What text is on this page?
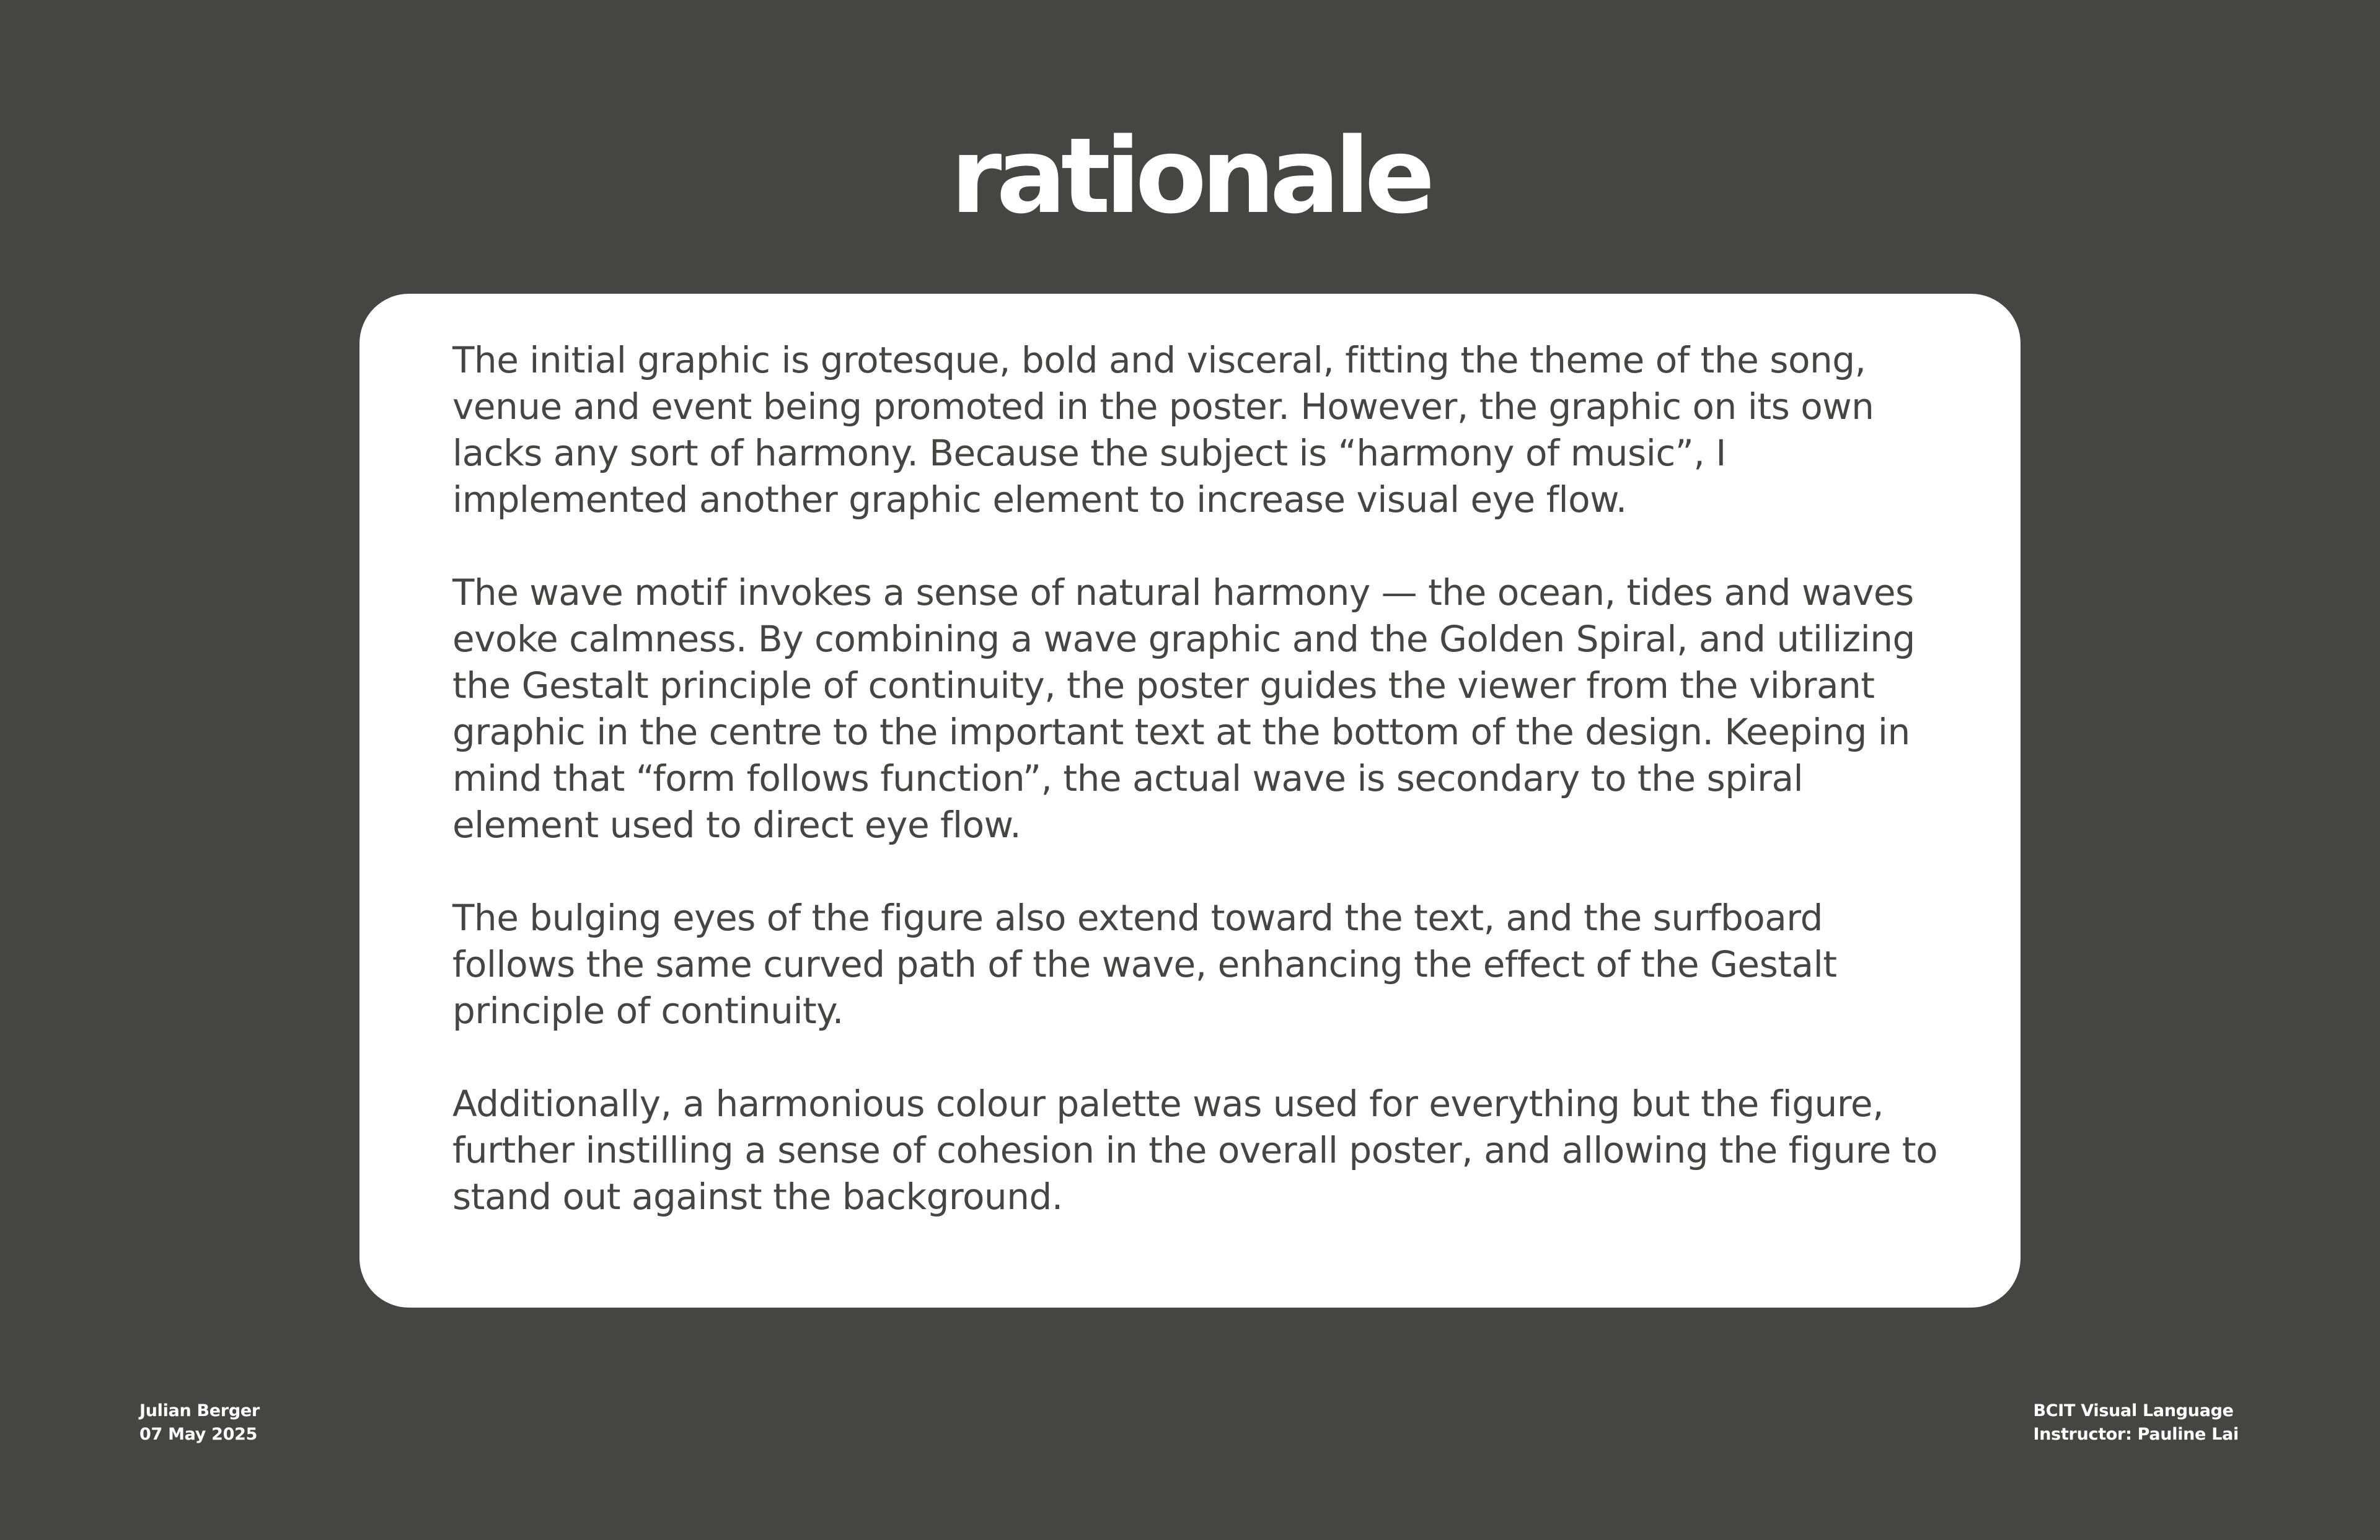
rationale

The initial graphic is grotesque, bold and visceral, fitting the theme of the song, venue and event being promoted in the poster. However, the graphic on its own lacks any sort of harmony. Because the subject is “harmony of music”, I implemented another graphic element to increase visual eye flow.

The wave motif invokes a sense of natural harmony — the ocean, tides and waves evoke calmness. By combining a wave graphic and the Golden Spiral, and utilizing the Gestalt principle of continuity, the poster guides the viewer from the vibrant graphic in the centre to the important text at the bottom of the design. Keeping in mind that “form follows function”, the actual wave is secondary to the spiral element used to direct eye flow.

The bulging eyes of the figure also extend toward the text, and the surfboard follows the same curved path of the wave, enhancing the effect of the Gestalt principle of continuity.

Additionally, a harmonious colour palette was used for everything but the figure, further instilling a sense of cohesion in the overall poster, and allowing the figure to stand out against the background.

Julian Berger
07 May 2025
BCIT Visual Language
Instructor: Pauline Lai
